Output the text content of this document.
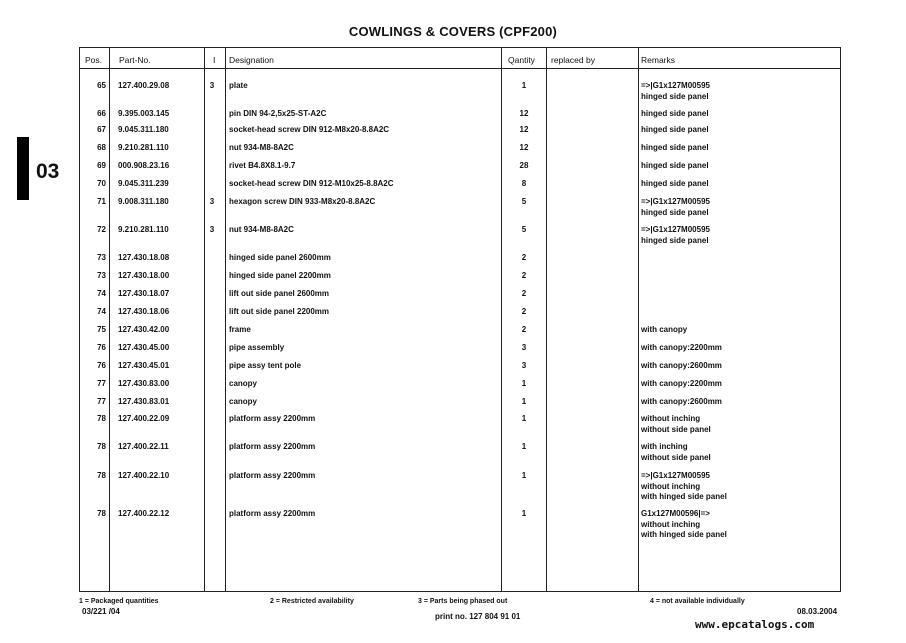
COWLINGS & COVERS (CPF200)
03
Pos. Part-No.	I Designation	Qantity replaced by	Remarks
65 127.400.29.08	3	plate	1	=>|G1x127M00595
hinged side panel
66 9.395.003.145	pin DIN 94-2,5x25-ST-A2C	12	hinged side panel
67 9.045.311.180	socket-head screw DIN 912-M8x20-8.8A2C	12	hinged side panel
68 9.210.281.110	nut 934-M8-8A2C	12	hinged side panel
69 000.908.23.16	rivet B4.8X8.1-9.7	28	hinged side panel
70 9.045.311.239	socket-head screw DIN 912-M10x25-8.8A2C	8	hinged side panel
71 9.008.311.180	3	hexagon screw DIN 933-M8x20-8.8A2C	5	=>|G1x127M00595
hinged side panel
72 9.210.281.110	3	nut 934-M8-8A2C	5	=>|G1x127M00595
hinged side panel
73 127.430.18.08	hinged side panel 2600mm	2
73 127.430.18.00	hinged side panel 2200mm	2
74 127.430.18.07	lift out side panel 2600mm	2
74 127.430.18.06	lift out side panel 2200mm	2
75 127.430.42.00	frame	2	with canopy
76 127.430.45.00	pipe assembly	3	with canopy:2200mm
76 127.430.45.01	pipe assy tent pole	3	with canopy:2600mm
77 127.430.83.00	canopy	1	with canopy:2200mm
77 127.430.83.01	canopy	1	with canopy:2600mm
78 127.400.22.09	platform assy 2200mm	1	without inching
without side panel
78 127.400.22.11	platform assy 2200mm	1	with inching
without side panel
78 127.400.22.10	platform assy 2200mm	1	=>|G1x127M00595
without inching
with hinged side panel
78 127.400.22.12	platform assy 2200mm	1	G1x127M00596|=>
without inching
with hinged side panel
1 = Packaged quantities	2 = Restricted availability	3 = Parts being phased out	4 = not available individually
03/221 /04
print no. 127 804 91 01
08.03.2004
www.epcatalogs.com
